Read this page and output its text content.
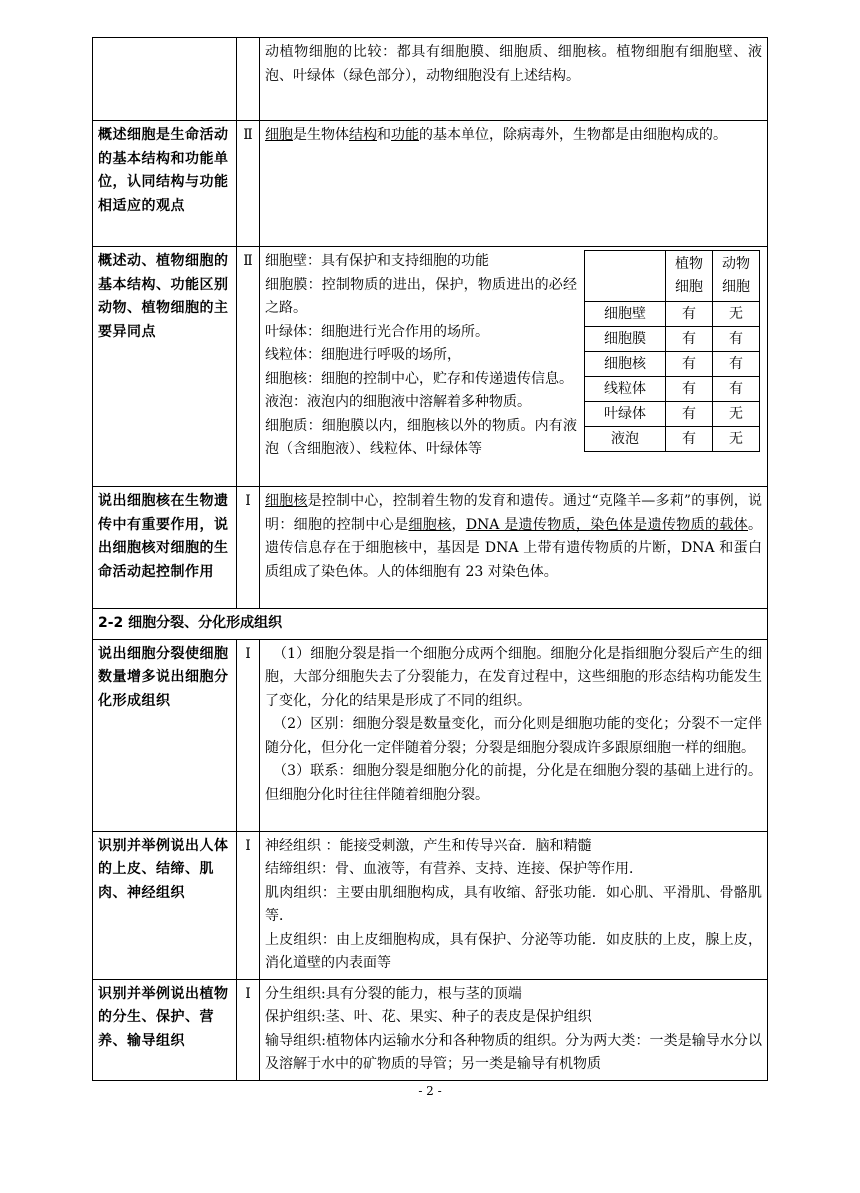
		动植物细胞的比较：都具有细胞膜、细胞质、细胞核。植物细胞有细胞壁、液泡、叶绿体（绿色部分），动物细胞没有上述结构。
概述细胞是生命活动的基本结构和功能单位，认同结构与功能相适应的观点	Ⅱ	细胞是生物体结构和功能的基本单位，除病毒外，生物都是由细胞构成的。
概述动、植物细胞的基本结构、功能区别动物、植物细胞的主要异同点	Ⅱ	细胞壁：具有保护和支持细胞的功能
细胞膜：控制物质的进出，保护，物质进出的必经之路。
叶绿体：细胞进行光合作用的场所。
线粒体：细胞进行呼吸的场所，
细胞核：细胞的控制中心，贮存和传递遗传信息。
液泡：液泡内的细胞液中溶解着多种物质。
细胞质：细胞膜以内，细胞核以外的物质。内有液泡（含细胞液）、线粒体、叶绿体等
	植物细胞	动物细胞
细胞壁	有	无
细胞膜	有	有
细胞核	有	有
线粒体	有	有
叶绿体	有	无
液泡	有	无

说出细胞核在生物遗传中有重要作用，说出细胞核对细胞的生命活动起控制作用	Ⅰ	细胞核是控制中心，控制着生物的发育和遗传。通过“克隆羊—多莉”的事例，说明：细胞的控制中心是细胞核，DNA 是遗传物质，染色体是遗传物质的载体。遗传信息存在于细胞核中，基因是 DNA 上带有遗传物质的片断，DNA 和蛋白质组成了染色体。人的体细胞有 23 对染色体。
2-2 细胞分裂、分化形成组织
说出细胞分裂使细胞数量增多说出细胞分化形成组织	Ⅰ	（1）细胞分裂是指一个细胞分成两个细胞。细胞分化是指细胞分裂后产生的细胞，大部分细胞失去了分裂能力，在发育过程中，这些细胞的形态结构功能发生了变化，分化的结果是形成了不同的组织。
（2）区别：细胞分裂是数量变化，而分化则是细胞功能的变化；分裂不一定伴随分化，但分化一定伴随着分裂；分裂是细胞分裂成许多跟原细胞一样的细胞。
（3）联系：细胞分裂是细胞分化的前提，分化是在细胞分裂的基础上进行的。但细胞分化时往往伴随着细胞分裂。

识别并举例说出人体的上皮、结缔、肌肉、神经组织	Ⅰ	神经组织 ：能接受刺激，产生和传导兴奋．脑和精髓
结缔组织：骨、血液等，有营养、支持、连接、保护等作用．
肌肉组织：主要由肌细胞构成，具有收缩、舒张功能．如心肌、平滑肌、骨骼肌等．
上皮组织：由上皮细胞构成，具有保护、分泌等功能．如皮肤的上皮，腺上皮，消化道壁的内表面等

识别并举例说出植物的分生、保护、营养、输导组织	Ⅰ	分生组织:具有分裂的能力，根与茎的顶端
保护组织:茎、叶、花、果实、种子的表皮是保护组织
输导组织:植物体内运输水分和各种物质的组织。分为两大类：一类是输导水分以及溶解于水中的矿物质的导管；另一类是输导有机物质
- 2 -
